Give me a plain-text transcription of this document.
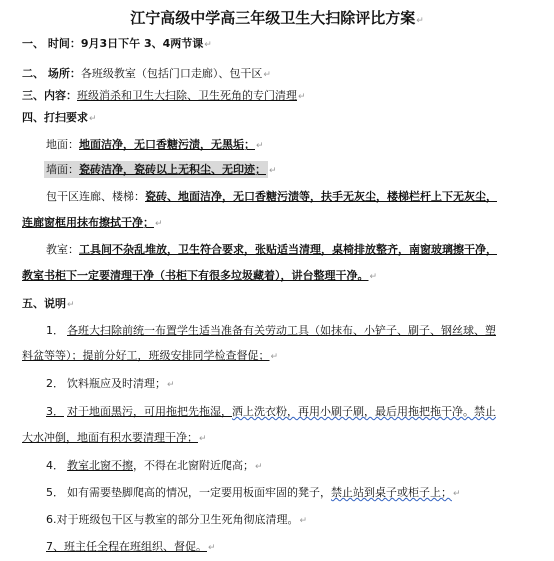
江宁高级中学高三年级卫生大扫除评比方案↵
一、 时间：9月3日下午 3、4两节课↵
二、 场所：各班级教室（包括门口走廊）、包干区↵
三、内容：班级消杀和卫生大扫除、卫生死角的专门清理↵
四、打扫要求↵
地面：地面洁净，无口香糖污渍，无黑垢；↵
墙面：瓷砖洁净，瓷砖以上无积尘、无印迹； ↵
包干区连廊、楼梯：瓷砖、地面洁净，无口香糖污渍等，扶手无灰尘，楼梯栏杆上下无灰尘，
连廊窗框用抹布擦拭干净；↵
教室：工具间不杂乱堆放，卫生符合要求，张贴适当清理，桌椅排放整齐，南窗玻璃擦干净，
教室书柜下一定要清理干净（书柜下有很多垃圾藏着），讲台整理干净。↵
五、说明↵
1． 各班大扫除前统一布置学生适当准备有关劳动工具（如抹布、小铲子、刷子、钢丝球、塑
料盆等等）；提前分好工，班级安排同学检查督促；↵
2． 饮料瓶应及时清理；↵
3． 对于地面黑污，可用拖把先拖湿，洒上洗衣粉，再用小刷子刷，最后用拖把拖干净。禁止
大水冲倒，地面有积水要清理干净；↵
4． 教室北窗不擦，不得在北窗附近爬高；↵
5． 如有需要垫脚爬高的情况，一定要用板面牢固的凳子，禁止站到桌子或柜子上；↵
6.对于班级包干区与教室的部分卫生死角彻底清理。↵
7、班主任全程在班组织、督促。↵
